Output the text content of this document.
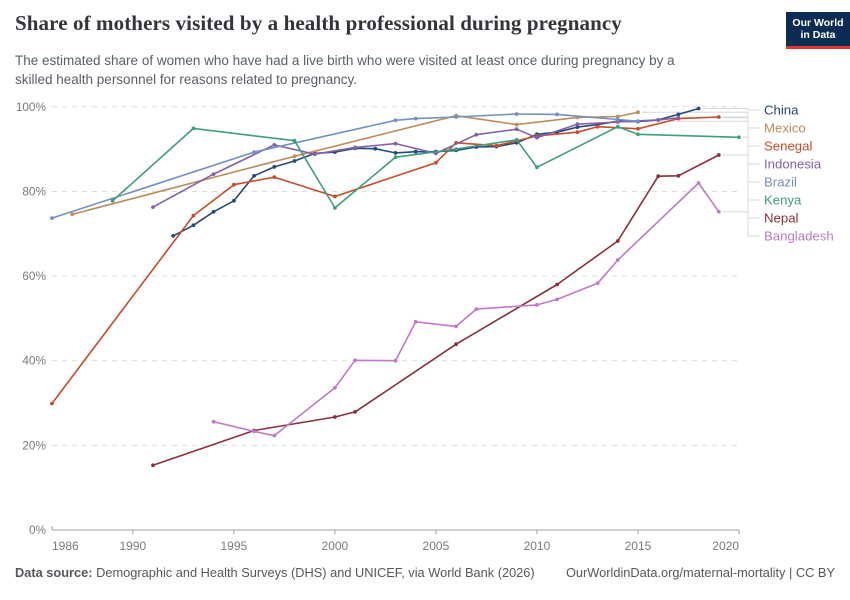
Share of mothers visited by a health professional during pregnancy
The estimated share of women who have had a live birth who were visited at least once during pregnancy by a
skilled health personnel for reasons related to pregnancy.
Our World
in Data
0%
20%
40%
60%
80%
100%
1986	1990	1995	2000	2005	2010	2015	2020
China
Mexico
Senegal
Indonesia
Brazil
Kenya
Nepal
Bangladesh
Data source: Demographic and Health Surveys (DHS) and UNICEF, via World Bank (2026) OurWorldinData.org/maternal-mortality | CC BY
